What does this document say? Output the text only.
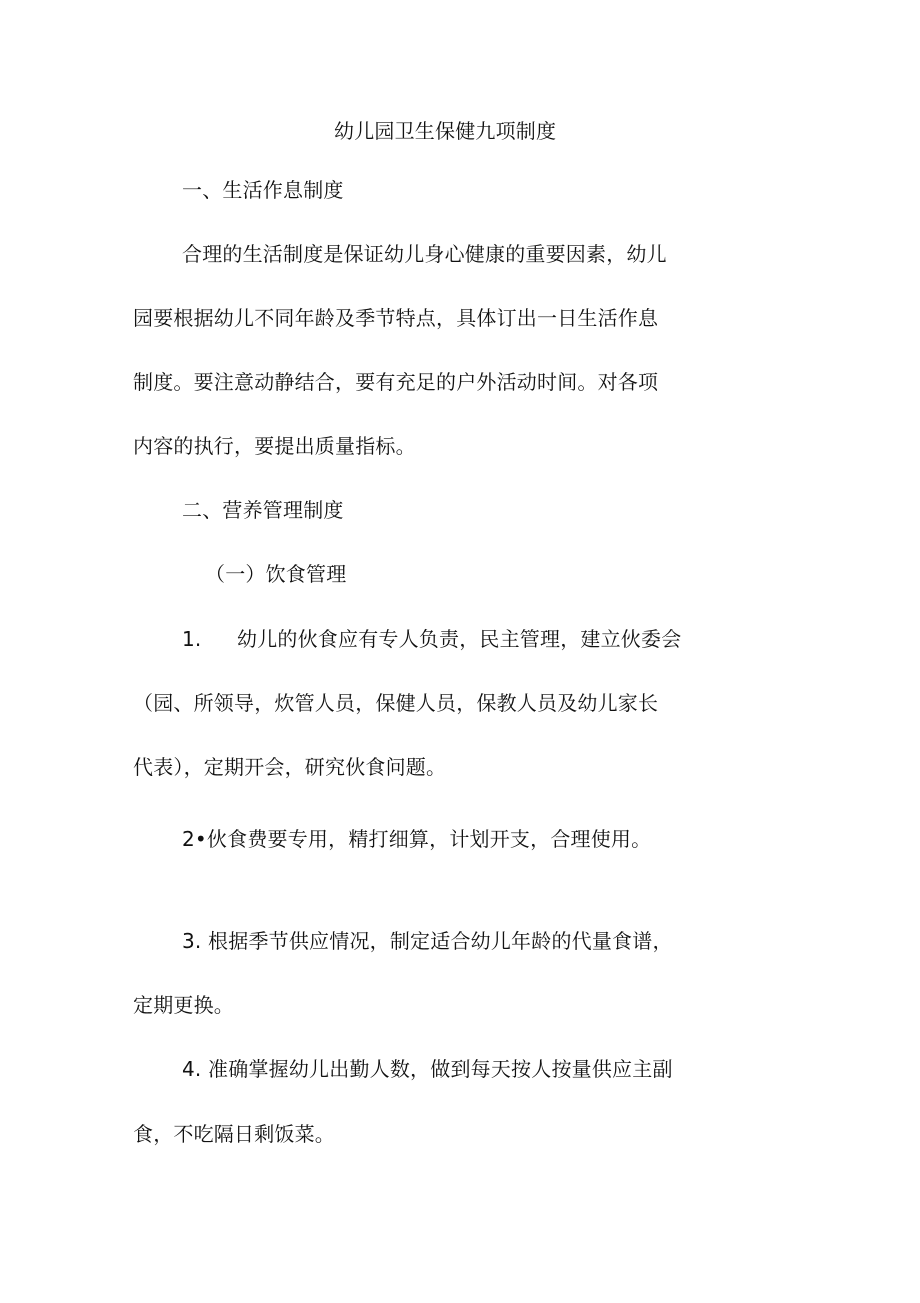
幼儿园卫生保健九项制度
一、生活作息制度
合理的生活制度是保证幼儿身心健康的重要因素，幼儿
园要根据幼儿不同年龄及季节特点，具体订出一日生活作息
制度。要注意动静结合，要有充足的户外活动时间。对各项
内容的执行，要提出质量指标。
二、营养管理制度
（一）饮食管理
1. 幼儿的伙食应有专人负责，民主管理，建立伙委会
（园、所领导，炊管人员，保健人员，保教人员及幼儿家长
代表），定期开会，研究伙食问题。
2•伙食费要专用，精打细算，计划开支，合理使用。
3. 根据季节供应情况，制定适合幼儿年龄的代量食谱，
定期更换。
4. 准确掌握幼儿出勤人数，做到每天按人按量供应主副
食，不吃隔日剩饭菜。
